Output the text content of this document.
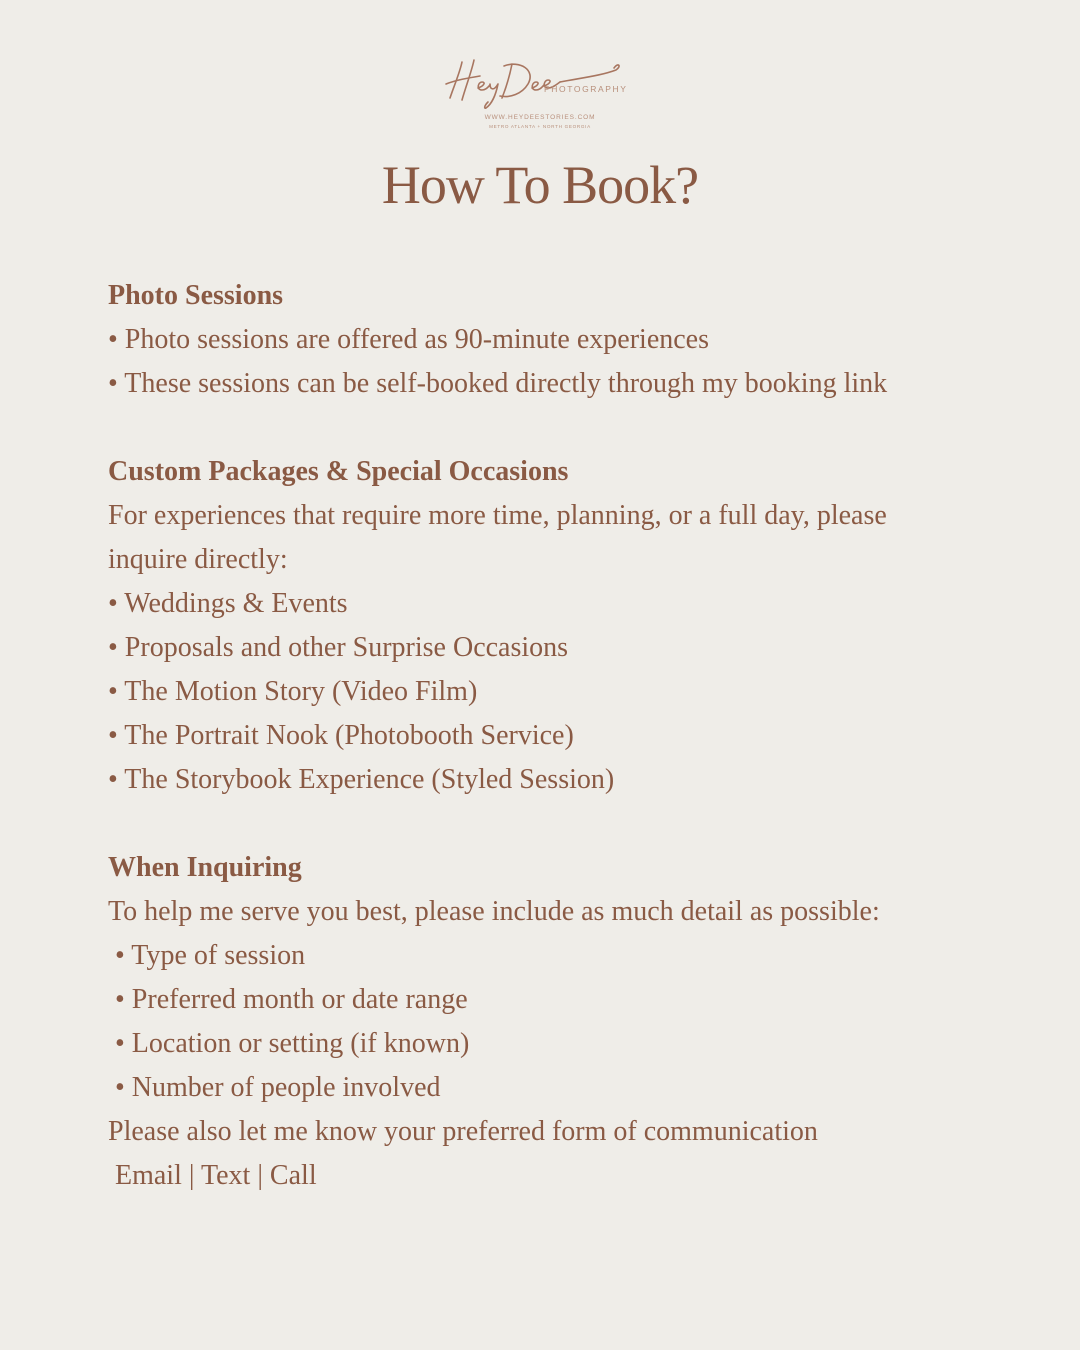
PHOTOGRAPHY
WWW.HEYDEESTORIES.COM
METRO ATLANTA + NORTH GEORGIA
How To Book?
Photo Sessions
• Photo sessions are offered as 90-minute experiences
• These sessions can be self-booked directly through my booking link
Custom Packages & Special Occasions
For experiences that require more time, planning, or a full day, please
inquire directly:
• Weddings & Events
• Proposals and other Surprise Occasions
• The Motion Story (Video Film)
• The Portrait Nook (Photobooth Service)
• The Storybook Experience (Styled Session)
When Inquiring
To help me serve you best, please include as much detail as possible:
• Type of session
• Preferred month or date range
• Location or setting (if known)
• Number of people involved
Please also let me know your preferred form of communication
Email | Text | Call
